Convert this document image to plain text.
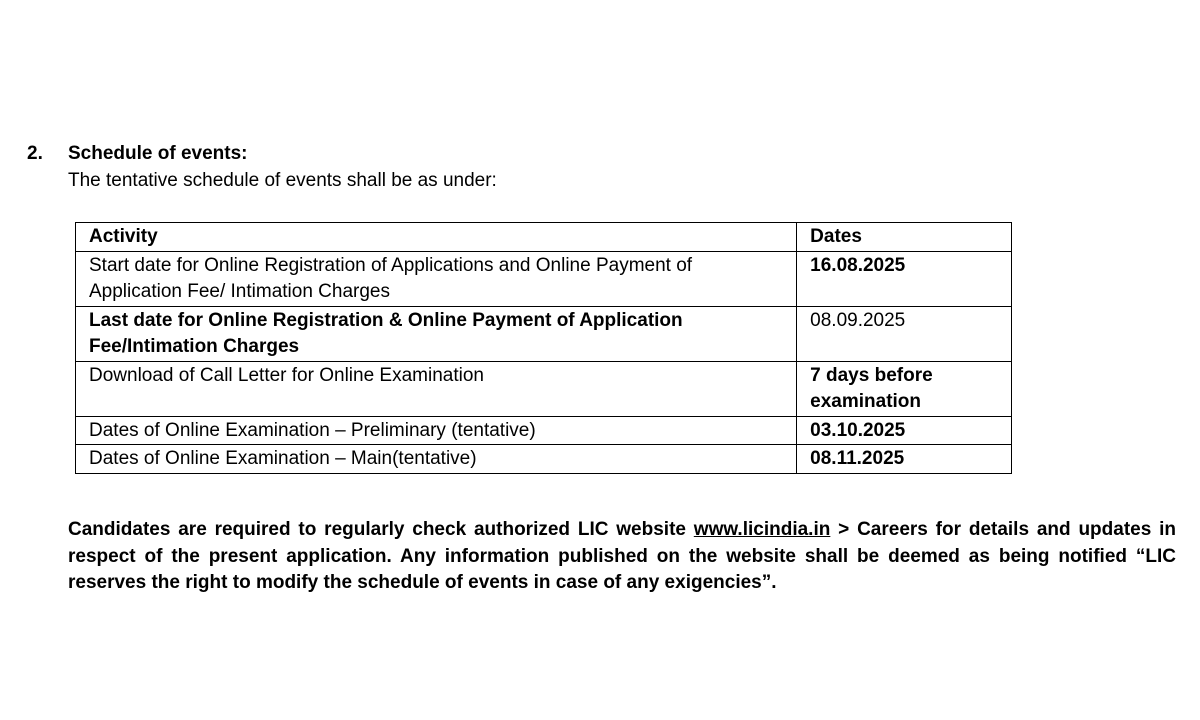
2. Schedule of events:
The tentative schedule of events shall be as under:
Activity	Dates
Start date for Online Registration of Applications and Online Payment of Application Fee/ Intimation Charges	16.08.2025
Last date for Online Registration & Online Payment of Application Fee/Intimation Charges	08.09.2025
Download of Call Letter for Online Examination	7 days before examination
Dates of Online Examination – Preliminary (tentative)	03.10.2025
Dates of Online Examination – Main(tentative)	08.11.2025

Candidates are required to regularly check authorized LIC website www.licindia.in > Careers for details and updates in respect of the present application. Any information published on the website shall be deemed as being notified “LIC reserves the right to modify the schedule of events in case of any exigencies”.
